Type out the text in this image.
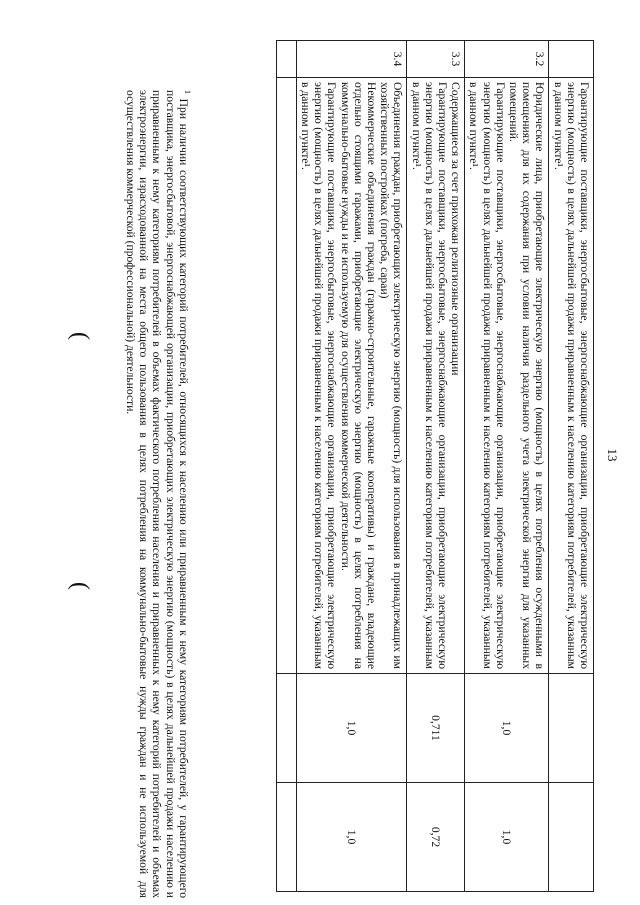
13

	Гарантирующие поставщики, энергосбытовые, энергоснабжающие организации, приобретающие электрическую энергию (мощность) в целях дальнейшей продажи приравненным к населению категориям потребителей, указанным в данном пункте¹.		

3.2	Юридические лица, приобретающие электрическую энергию (мощность) в целях потребления осужденными в помещениях для их содержания при условии наличия раздельного учета электрической энергии для указанных помещений.
Гарантирующие поставщики, энергосбытовые, энергоснабжающие организации, приобретающие электрическую энергию (мощность) в целях дальнейшей продажи приравненным к населению категориям потребителей, указанным в данном пункте¹.	1,0	1,0
3.3	Содержащиеся за счет прихожан религиозные организации
Гарантирующие поставщики, энергосбытовые, энергоснабжающие организации, приобретающие электрическую энергию (мощность) в целях дальнейшей продажи приравненным к населению категориям потребителей, указанным в данном пункте¹.	0,711	0,72
3.4	Объединения граждан, приобретающих электрическую энергию (мощность) для использования в принадлежащих им хозяйственных постройках (погреба, сараи)
Некоммерческие объединения граждан (гаражно-строительные, гаражные кооперативы) и граждане, владеющие отдельно стоящими гаражами, приобретающие электрическую энергию (мощность) в целях потребления на коммунально-бытовые нужды и не используемую для осуществления коммерческой деятельности.
Гарантирующие поставщики, энергосбытовые, энергоснабжающие организации, приобретающие электрическую энергию (мощность) в целях дальнейшей продажи приравненным к населению категориям потребителей, указанным в данном пункте¹.	1,0	1,0

$^1$ При наличии соответствующих категорий потребителей, относящихся к населению или приравненным к нему категориям потребителей, у гарантирующего поставщика, энергосбытовой, энергоснабжающей организации, приобретающих электрическую энергию (мощность) в целях дальнейшей продажи населению и приравненным к нему категориям потребителей в объемах фактического потребления населения и приравненных к нему категорий потребителей и объемах электроэнергии, израсходованной на места общего пользования в целях потребления на коммунально-бытовые нужды граждан и не используемой для осуществления коммерческой (профессиональной) деятельности.
(
(
